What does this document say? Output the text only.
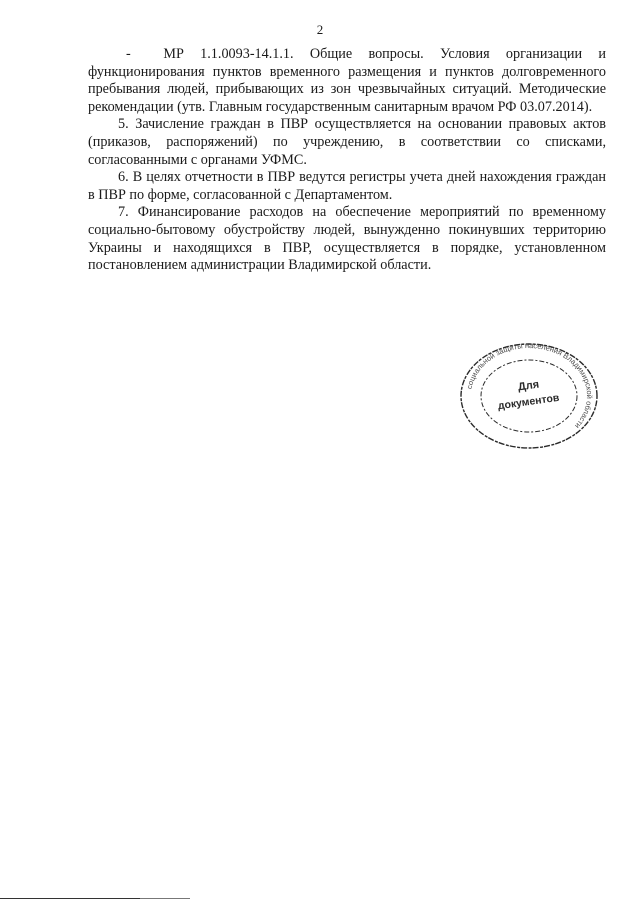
2

-  МР 1.1.0093-14.1.1. Общие вопросы. Условия организации и функционирования пунктов временного размещения и пунктов долговременного пребывания людей, прибывающих из зон чрезвычайных ситуаций. Методические рекомендации (утв. Главным государственным санитарным врачом РФ 03.07.2014).

5. Зачисление граждан в ПВР осуществляется на основании правовых актов (приказов, распоряжений) по учреждению, в соответствии со списками, согласованными с органами УФМС.

6. В целях отчетности в ПВР ведутся регистры учета дней нахождения граждан в ПВР по форме, согласованной с Департаментом.

7. Финансирование расходов на обеспечение мероприятий по временному социально-бытовому обустройству людей, вынужденно покинувших территорию Украины и находящихся в ПВР, осуществляется в порядке, установленном постановлением администрации Владимирской области.

социальной защиты населения Владимирской области
Для
документов
